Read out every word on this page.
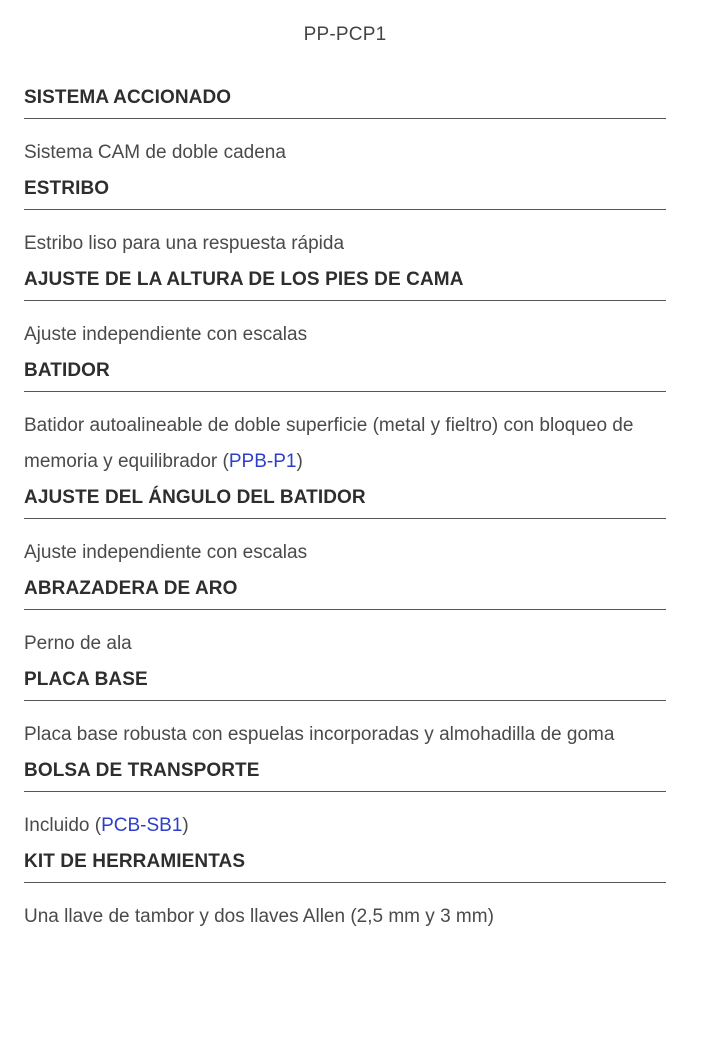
PP-PCP1
SISTEMA ACCIONADO
Sistema CAM de doble cadena
ESTRIBO
Estribo liso para una respuesta rápida
AJUSTE DE LA ALTURA DE LOS PIES DE CAMA
Ajuste independiente con escalas
BATIDOR
Batidor autoalineable de doble superficie (metal y fieltro) con bloqueo de memoria y equilibrador (PPB-P1)
AJUSTE DEL ÁNGULO DEL BATIDOR
Ajuste independiente con escalas
ABRAZADERA DE ARO
Perno de ala
PLACA BASE
Placa base robusta con espuelas incorporadas y almohadilla de goma
BOLSA DE TRANSPORTE
Incluido (PCB-SB1)
KIT DE HERRAMIENTAS
Una llave de tambor y dos llaves Allen (2,5 mm y 3 mm)
